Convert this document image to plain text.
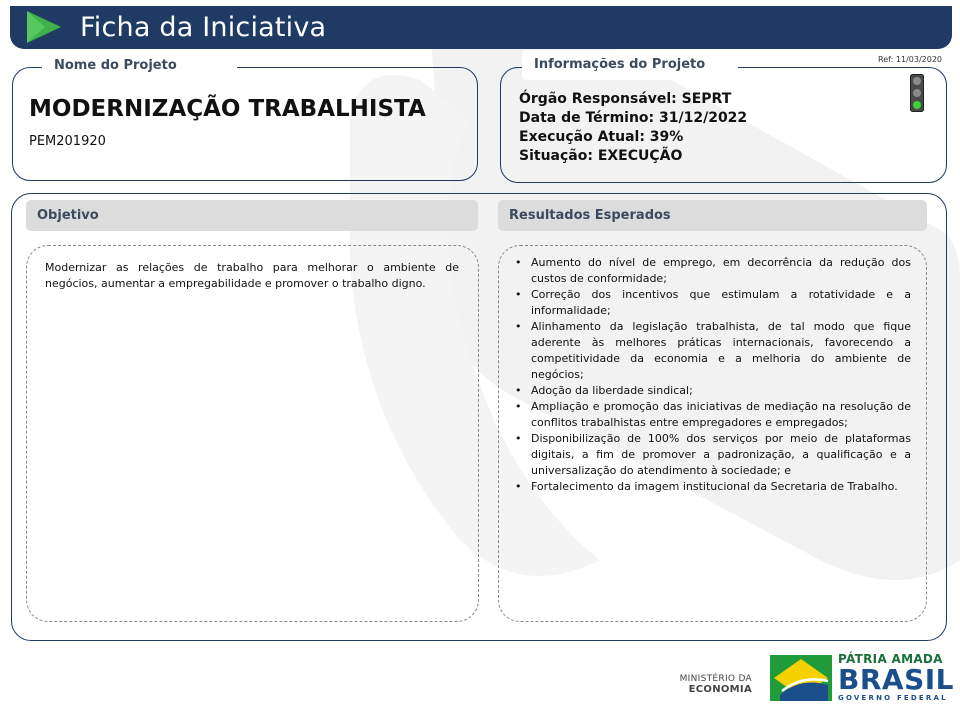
Ficha da Iniciativa
Ref: 11/03/2020
MODERNIZAÇÃO TRABALHISTA
PEM201920
Nome do Projeto
Órgão Responsável: SEPRT
Data de Término: 31/12/2022
Execução Atual: 39%
Situação: EXECUÇÃO
Informações do Projeto
Objetivo
Modernizar as relações de trabalho para melhorar o ambiente de negócios, aumentar a empregabilidade e promover o trabalho digno.
Resultados Esperados
• Aumento do nível de emprego, em decorrência da redução dos custos de conformidade;
• Correção dos incentivos que estimulam a rotatividade e a informalidade;
• Alinhamento da legislação trabalhista, de tal modo que fique aderente às melhores práticas internacionais, favorecendo a competitividade da economia e a melhoria do ambiente de negócios;
• Adoção da liberdade sindical;
• Ampliação e promoção das iniciativas de mediação na resolução de conflitos trabalhistas entre empregadores e empregados;
• Disponibilização de 100% dos serviços por meio de plataformas digitais, a fim de promover a padronização, a qualificação e a universalização do atendimento à sociedade; e
• Fortalecimento da imagem institucional da Secretaria de Trabalho.
MINISTÉRIO DA
ECONOMIA
PÁTRIA AMADA
BRASIL
GOVERNO FEDERAL
